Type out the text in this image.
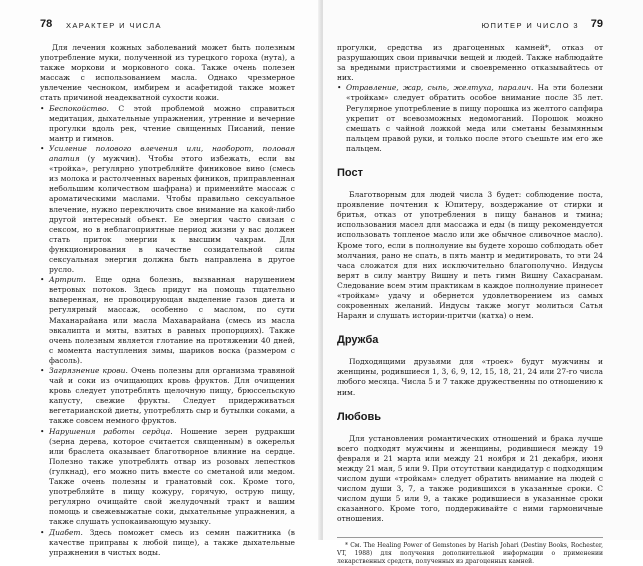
78 ХАРАКТЕР И ЧИСЛА

Для лечения кожных заболеваний может быть полезным употребление муки, полученной из турецкого гороха (нута), а также моркови и морковного сока. Также очень полезен массаж с использованием масла. Однако чрезмерное увлечение чесноком, имбирем и асафетидой также может стать причиной неадекватной сухости кожи.

• Беспокойство. С этой проблемой можно справиться медитация, дыхательные упражнения, утренние и вечерние прогулки вдоль рек, чтение священных Писаний, пение мантр и гимнов.

• Усиление полового влечения или, наоборот, половая апатия (у мужчин). Чтобы этого избежать, если вы «тройка», регулярно употребляйте финиковое вино (смесь из молока и растолченных вареных фиников, приправленная небольшим количеством шафрана) и применяйте массаж с ароматическими маслами. Чтобы правильно сексуальное влечение, нужно переключить свое внимание на какой-либо другой интересный объект. Ее энергия часто связан с сексом, но в неблагоприятные период жизни у вас должен стать приток энергии к высшим чакрам. Для функционирования в качестве созидательной силы сексуальная энергия должна быть направлена в другое русло.

• Артрит. Еще одна болезнь, вызванная нарушением ветровых потоков. Здесь придут на помощь тщательно выверенная, не провоцирующая выделение газов диета и регулярный массаж, особенно с маслом, по сути Маханарайана или масла Махаварайана (смесь из масла эвкалипта и мяты, взятых в равных пропорциях). Также очень полезным является глотание на протяжении 40 дней, с момента наступления зимы, шариков воска (размером с фасоль).

• Загрязнение крови. Очень полезны для организма травяной чай и соки из очищающих кровь фруктов. Для очищения кровь следует употреблять щелочную пищу, брюссельскую капусту, свежие фрукты. Следует придерживаться вегетарианской диеты, употреблять сыр и бутылки соками, а также совсем немного фруктов.

• Нарушения работы сердца. Ношение зерен рудракши (зерна дерева, которое считается священным) в ожерелья или браслета оказывает благотворное влияние на сердце. Полезно также употреблять отвар из розовых лепестков (гулкнад), его можно пить вместе со сметаной или медом. Также очень полезны и гранатовый сок. Кроме того, употребляйте в пищу кожуру, горячую, острую пищу, регулярно очищайте свой желудочный тракт и вашим помощь и свежевыжатые соки, дыхательные упражнения, а также слушать успокаивающую музыку.

• Диабет. Здесь поможет смесь из семян пажитника (в качестве приправы к любой пище), а также дыхательные упражнения в чистых воды.

ЮПИТЕР И ЧИСЛО 3 79

прогулки, средства из драгоценных камней*, отказ от разрушающих свои привычки вещей и людей. Также наблюдайте за вредными пристрастиями и своевременно отказывайтесь от них.

• Отравление, жар, сыпь, желтуха, паралич. На эти болезни «тройкам» следует обратить особое внимание после 35 лет. Регулярное употребление в пищу порошка из желтого сапфира укрепит от всевозможных недомоганий. Порошок можно смешать с чайной ложкой меда или сметаны безымянным пальцем правой руки, и только после этого съешьте им его же пальцем.

Пост

Благотворным для людей числа 3 будет: соблюдение поста, проявление почтения к Юпитеру, воздержание от стирки и бритья, отказ от употребления в пищу бананов и тмина; использования масел для массажа и еды (в пищу рекомендуется использовать топленое масло или же обычное сливочное масло). Кроме того, если в полнолуние вы будете хорошо соблюдать обет молчания, рано не спать, в пять мантр и медитировать, то эти 24 часа сложатся для них исключительно благополучно. Индусы верят в силу мантру Вишну и петь гимн Вишну Сахасранам. Следование всем этим практикам в каждое полнолуние принесет «тройкам» удачу и обернется удовлетворением из самых сокровенных желаний. Индусы также могут молиться Сатья Нараян и слушать истории-притчи (катха) о нем.

Дружба

Подходящими друзьями для «троек» будут мужчины и женщины, родившиеся 1, 3, 6, 9, 12, 15, 18, 21, 24 или 27-го числа любого месяца. Числа 5 и 7 также дружественны по отношению к ним.

Любовь

Для установления романтических отношений и брака лучше всего подходят мужчины и женщины, родившиеся между 19 февраля и 21 марта или между 21 ноября и 21 декабря, июня между 21 мая, 5 или 9. При отсутствии кандидатур с подходящим числом души «тройкам» следует обратить внимание на людей с числом души 3, 7, а также родившихся в указанные сроки. С числом души 5 или 9, а также родившиеся в указанные сроки сказанного. Кроме того, поддерживайте с ними гармоничные отношения.

* См. The Healing Power of Gemstones by Harish Johari (Destiny Books, Rochester, VT, 1988) для получения дополнительной информации о применении лекарственных средств, полученных из драгоценных камней.
